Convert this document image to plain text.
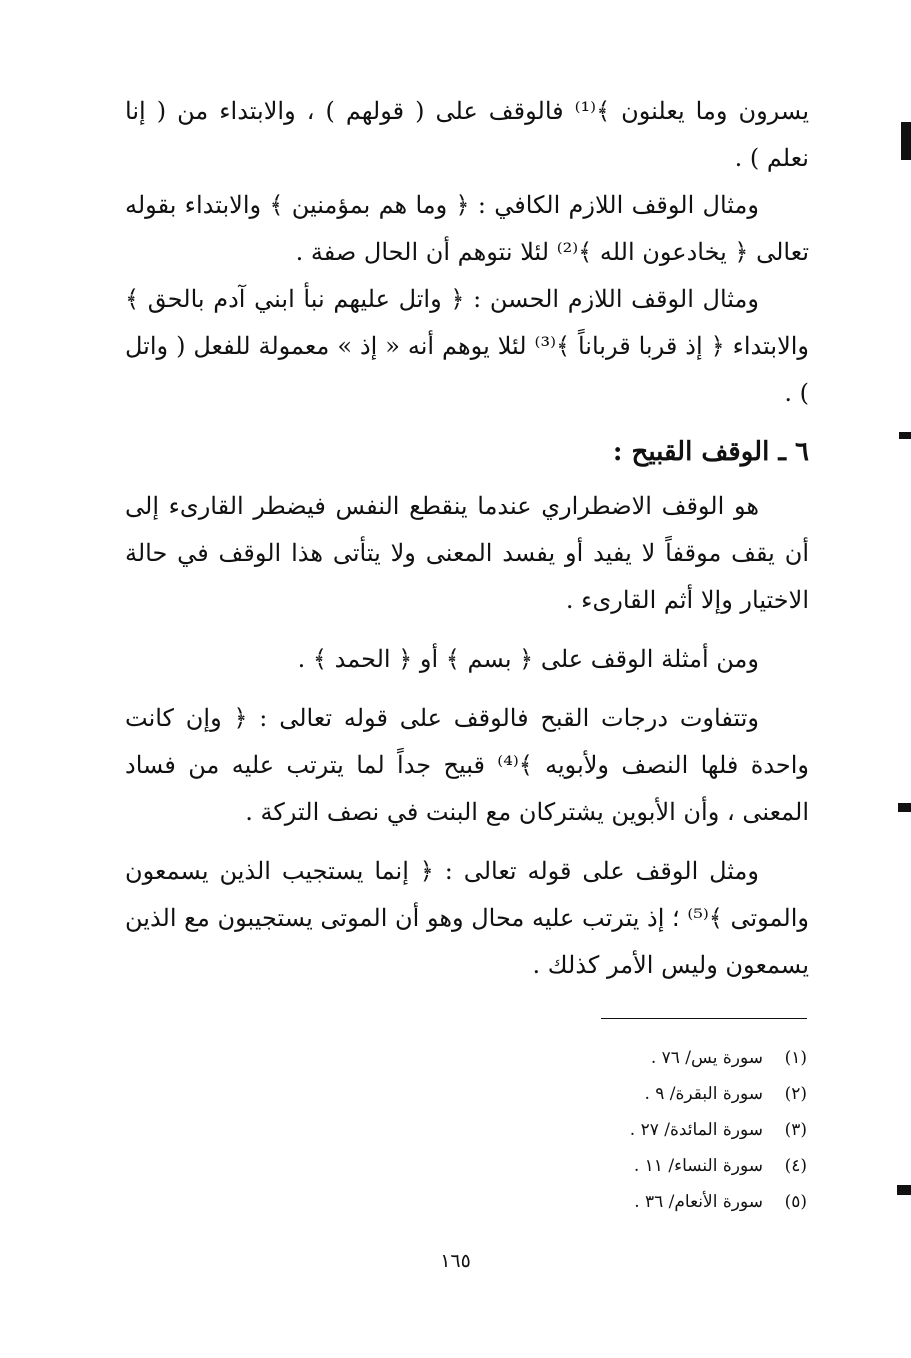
يسرون وما يعلنون ﴾⁽¹⁾ فالوقف على ( قولهم ) ، والابتداء من ( إنا نعلم ) .

ومثال الوقف اللازم الكافي : ﴿ وما هم بمؤمنين ﴾ والابتداء بقوله تعالى ﴿ يخادعون الله ﴾⁽²⁾ لئلا نتوهم أن الحال صفة .

ومثال الوقف اللازم الحسن : ﴿ واتل عليهم نبأ ابني آدم بالحق ﴾ والابتداء ﴿ إذ قربا قرباناً ﴾⁽³⁾ لئلا يوهم أنه « إذ » معمولة للفعل ( واتل ) .

٦ ـ الوقف القبيح :

هو الوقف الاضطراري عندما ينقطع النفس فيضطر القارىء إلى أن يقف موقفاً لا يفيد أو يفسد المعنى ولا يتأتى هذا الوقف في حالة الاختيار وإلا أثم القارىء .

ومن أمثلة الوقف على ﴿ بسم ﴾ أو ﴿ الحمد ﴾ .

وتتفاوت درجات القبح فالوقف على قوله تعالى : ﴿ وإن كانت واحدة فلها النصف ولأبويه ﴾⁽⁴⁾ قبيح جداً لما يترتب عليه من فساد المعنى ، وأن الأبوين يشتركان مع البنت في نصف التركة .

ومثل الوقف على قوله تعالى : ﴿ إنما يستجيب الذين يسمعون والموتى ﴾⁽⁵⁾ ؛ إذ يترتب عليه محال وهو أن الموتى يستجيبون مع الذين يسمعون وليس الأمر كذلك .

(١)سورة يس/ ٧٦ .
(٢)سورة البقرة/ ٩ .
(٣)سورة المائدة/ ٢٧ .
(٤)سورة النساء/ ١١ .
(٥)سورة الأنعام/ ٣٦ .
١٦٥
